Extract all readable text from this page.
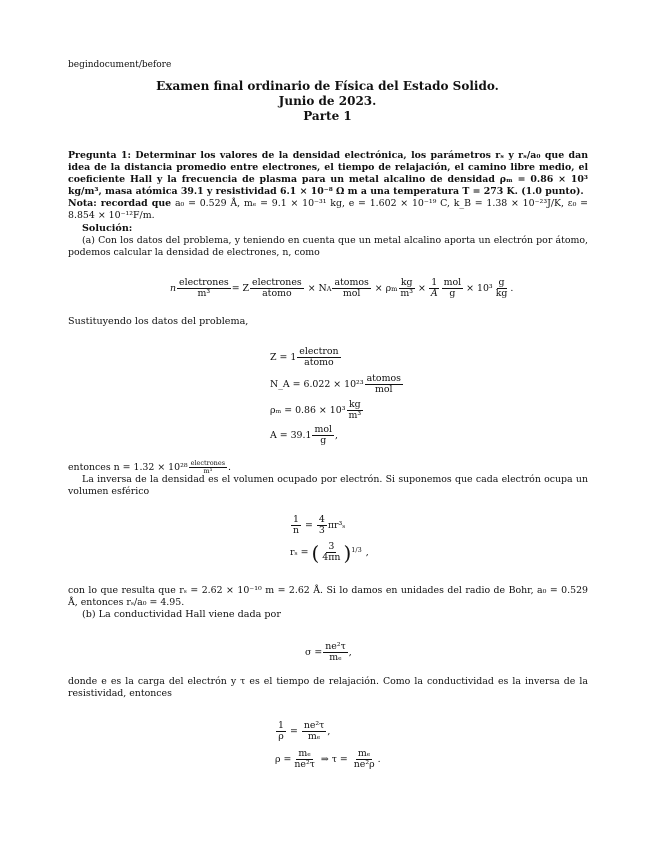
begindocument/before
Examen final ordinario de Física del Estado Solido.
Junio de 2023.
Parte 1
Pregunta 1: Determinar los valores de la densidad electrónica, los parámetros rₛ y rₛ/a₀ que dan idea de la distancia promedio entre electrones, el tiempo de relajación, el camino libre medio, el coeficiente Hall y la frecuencia de plasma para un metal alcalino de densidad ρₘ = 0.86 × 10³ kg/m³, masa atómica 39.1 y resistividad 6.1 × 10⁻⁸ Ω m a una temperatura T = 273 K. (1.0 punto).
Nota: recordad que a₀ = 0.529 Å, mₑ = 9.1 × 10⁻³¹ kg, e = 1.602 × 10⁻¹⁹ C, k_B = 1.38 × 10⁻²³J/K, ε₀ = 8.854 × 10⁻¹²F/m.
Solución:
(a) Con los datos del problema, y teniendo en cuenta que un metal alcalino aporta un electrón por átomo, podemos calcular la densidad de electrones, n, como
n $\frac{\text{electrones}}{\text{m³}} = Z \frac{\text{electrones}}{\text{atomo}} \times N$ A $\frac{\text{atomos}}{\text{mol}} \times \rho$ m $\frac{kg}{\text{m³}} \times \frac{1}{A} \frac{\text{mol}}{g} \times 10^3 \frac{g}{kg}$ .
Sustituyendo los datos del problema,
$Z = 1 \frac{\text{electron}}{\text{atomo}}$
N_A = $6.022 \times 10^{23} \frac{\text{atomos}}{\text{mol}}$
$\rho_m = 0.86 \times 10^3 \frac{kg}{\text{m³}}$
$A = 39.1 \frac{\text{mol}}{g}$ ,
entonces $n = 1.32 \times 10^{28} \frac{\text{electrones}}{\text{m³}}$ .
La inversa de la densidad es el volumen ocupado por electrón. Si suponemos que cada electrón ocupa un volumen esférico
$\frac{1}{n} = \frac{4}{3} \pi r^3_s$
rₛ = ( $\frac{3}{4\pi n}$ ) 1/3 ,
con lo que resulta que rₛ = 2.62 × 10⁻¹⁰ m = 2.62 Å. Si lo damos en unidades del radio de Bohr, a₀ = 0.529 Å, entonces rₛ/a₀ = 4.95.
(b) La conductividad Hall viene dada por
$\sigma = \frac{\text{ne²τ}}{\text{mₑ}}$ ,
donde e es la carga del electrón y τ es el tiempo de relajación. Como la conductividad es la inversa de la resistividad, entonces
$\frac{1}{\rho} = \frac{\text{ne²τ}}{\text{mₑ}}$ ,
$\rho = \frac{\text{mₑ}}{\text{ne²τ}}$ ⇒ $\tau = \frac{\text{mₑ}}{\text{ne²ρ}}$ .
